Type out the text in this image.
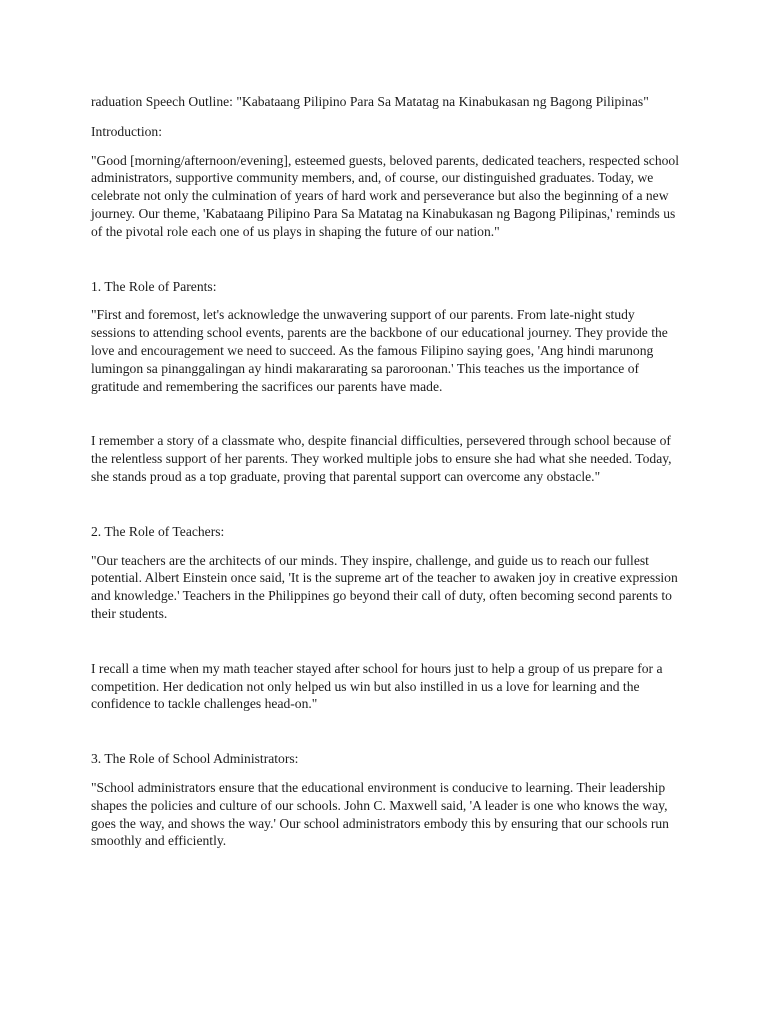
raduation Speech Outline: "Kabataang Pilipino Para Sa Matatag na Kinabukasan ng Bagong Pilipinas"

Introduction:

"Good [morning/afternoon/evening], esteemed guests, beloved parents, dedicated teachers, respected school administrators, supportive community members, and, of course, our distinguished graduates. Today, we celebrate not only the culmination of years of hard work and perseverance but also the beginning of a new journey. Our theme, 'Kabataang Pilipino Para Sa Matatag na Kinabukasan ng Bagong Pilipinas,' reminds us of the pivotal role each one of us plays in shaping the future of our nation."

1. The Role of Parents:

"First and foremost, let's acknowledge the unwavering support of our parents. From late-night study sessions to attending school events, parents are the backbone of our educational journey. They provide the love and encouragement we need to succeed. As the famous Filipino saying goes, 'Ang hindi marunong lumingon sa pinanggalingan ay hindi makararating sa paroroonan.' This teaches us the importance of gratitude and remembering the sacrifices our parents have made.

I remember a story of a classmate who, despite financial difficulties, persevered through school because of the relentless support of her parents. They worked multiple jobs to ensure she had what she needed. Today, she stands proud as a top graduate, proving that parental support can overcome any obstacle."

2. The Role of Teachers:

"Our teachers are the architects of our minds. They inspire, challenge, and guide us to reach our fullest potential. Albert Einstein once said, 'It is the supreme art of the teacher to awaken joy in creative expression and knowledge.' Teachers in the Philippines go beyond their call of duty, often becoming second parents to their students.

I recall a time when my math teacher stayed after school for hours just to help a group of us prepare for a competition. Her dedication not only helped us win but also instilled in us a love for learning and the confidence to tackle challenges head-on."

3. The Role of School Administrators:

"School administrators ensure that the educational environment is conducive to learning. Their leadership shapes the policies and culture of our schools. John C. Maxwell said, 'A leader is one who knows the way, goes the way, and shows the way.' Our school administrators embody this by ensuring that our schools run smoothly and efficiently.
